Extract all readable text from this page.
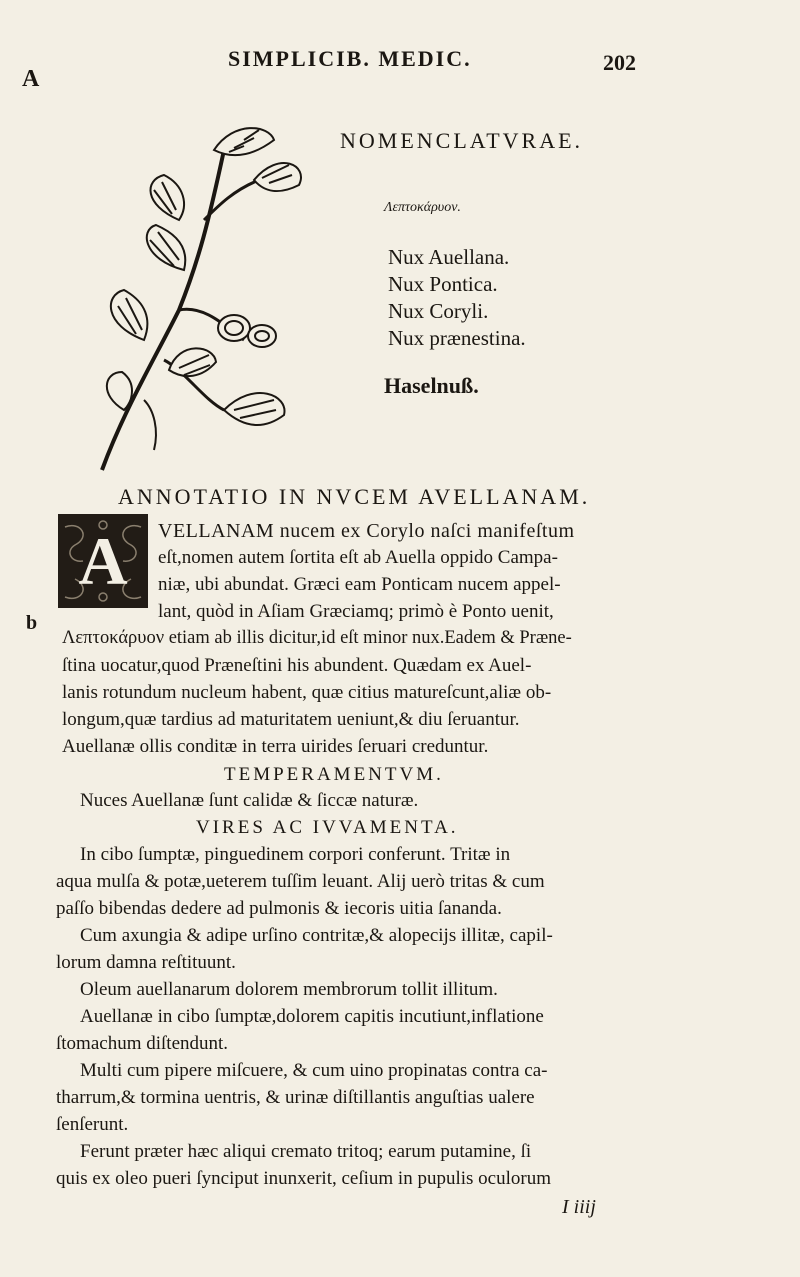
SIMPLICIB. MEDIC.	202
A
NOMENCLATVRAE.
Λεπτοκάρυον.
Nux Auellana.
Nux Pontica.
Nux Coryli.
Nux prænestina.
Haselnuß.
ANNOTATIO IN NVCEM AVELLANAM.
A
b
VELLANAM nucem ex Corylo naſci manifeſtum
eſt,nomen autem ſortita eſt ab Auella oppido Campa-
niæ, ubi abundat. Græci eam Ponticam nucem appel-
lant, quòd in Aſiam Græciamq; primò è Ponto uenit,
Λεπτοκάρυον etiam ab illis dicitur,id eſt minor nux.Eadem & Præne-
ſtina uocatur,quod Præneſtini his abundent. Quædam ex Auel-
lanis rotundum nucleum habent, quæ citius matureſcunt,aliæ ob-
longum,quæ tardius ad maturitatem ueniunt,& diu ſeruantur.
Auellanæ ollis conditæ in terra uirides ſeruari creduntur.
TEMPERAMENTVM.
Nuces Auellanæ ſunt calidæ & ſiccæ naturæ.
VIRES AC IVVAMENTA.
In cibo ſumptæ, pinguedinem corpori conferunt. Tritæ in
aqua mulſa & potæ,ueterem tuſſim leuant. Alij uerò tritas & cum
paſſo bibendas dedere ad pulmonis & iecoris uitia ſananda.
Cum axungia & adipe urſino contritæ,& alopecijs illitæ, capil-
lorum damna reſtituunt.
Oleum auellanarum dolorem membrorum tollit illitum.
Auellanæ in cibo ſumptæ,dolorem capitis incutiunt,inflatione
ſtomachum diſtendunt.
Multi cum pipere miſcuere, & cum uino propinatas contra ca-
tharrum,& tormina uentris, & urinæ diſtillantis anguſtias ualere
ſenſerunt.
Ferunt præter hæc aliqui cremato tritoq; earum putamine, ſi
quis ex oleo pueri ſynciput inunxerit, ceſium in pupulis oculorum
I iiij
